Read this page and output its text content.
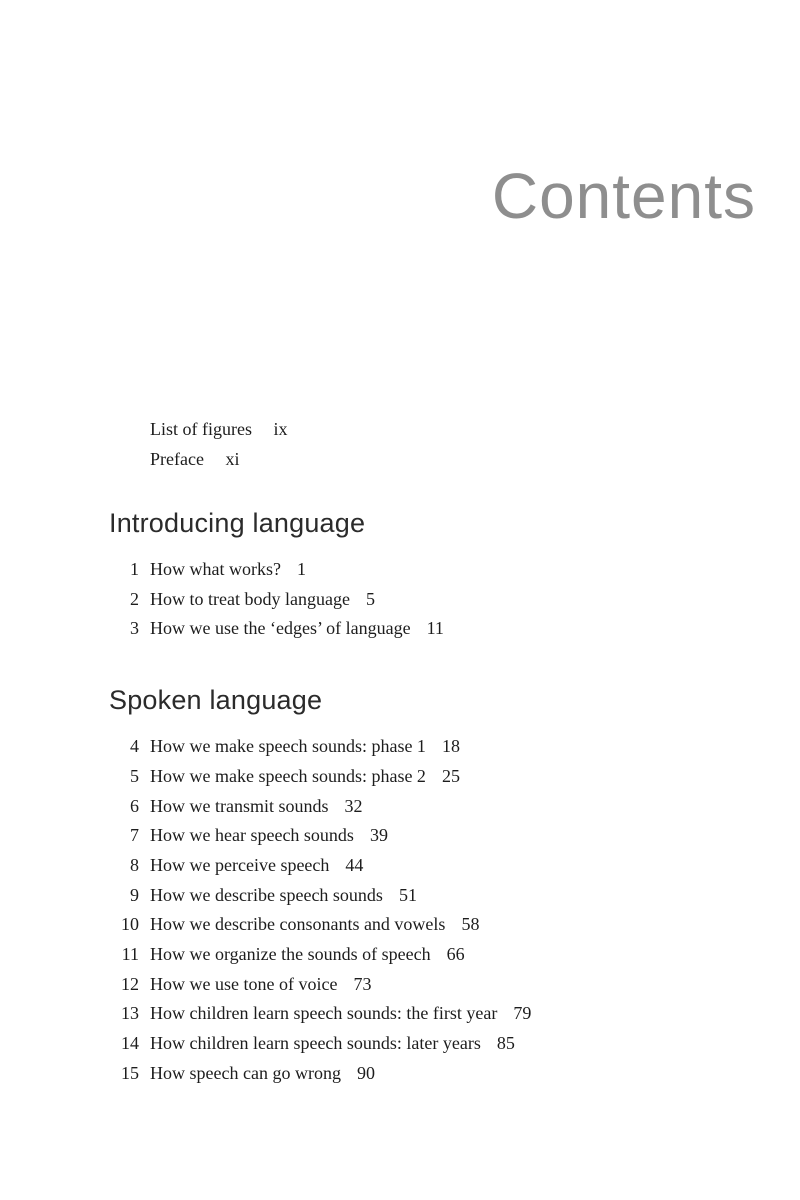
Contents
List of figures ix
Preface xi
Introducing language
1 How what works? 1
2 How to treat body language 5
3 How we use the ‘edges’ of language 11
Spoken language
4 How we make speech sounds: phase 1 18
5 How we make speech sounds: phase 2 25
6 How we transmit sounds 32
7 How we hear speech sounds 39
8 How we perceive speech 44
9 How we describe speech sounds 51
10 How we describe consonants and vowels 58
11 How we organize the sounds of speech 66
12 How we use tone of voice 73
13 How children learn speech sounds: the first year 79
14 How children learn speech sounds: later years 85
15 How speech can go wrong 90
